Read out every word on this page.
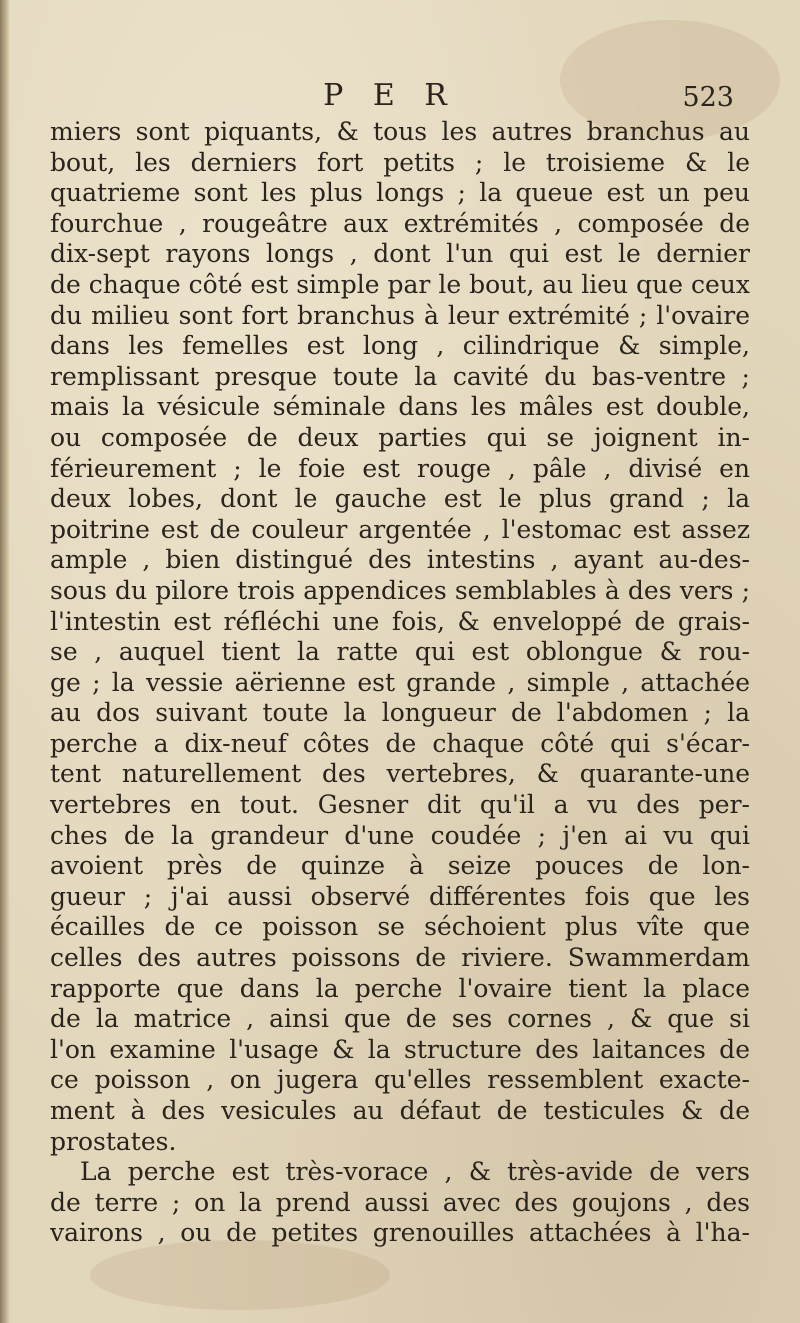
P E R	523
miers sont piquants, & tous les autres branchus au
bout, les derniers fort petits ; le troisieme & le
quatrieme sont les plus longs ; la queue est un peu
fourchue , rougeâtre aux extrémités , composée de
dix-sept rayons longs , dont l'un qui est le dernier
de chaque côté est simple par le bout, au lieu que ceux
du milieu sont fort branchus à leur extrémité ; l'ovaire
dans les femelles est long , cilindrique & simple,
remplissant presque toute la cavité du bas-ventre ;
mais la vésicule séminale dans les mâles est double,
ou composée de deux parties qui se joignent in-
férieurement ; le foie est rouge , pâle , divisé en
deux lobes, dont le gauche est le plus grand ; la
poitrine est de couleur argentée , l'estomac est assez
ample , bien distingué des intestins , ayant au-des-
sous du pilore trois appendices semblables à des vers ;
l'intestin est réfléchi une fois, & enveloppé de grais-
se , auquel tient la ratte qui est oblongue & rou-
ge ; la vessie aërienne est grande , simple , attachée
au dos suivant toute la longueur de l'abdomen ; la
perche a dix-neuf côtes de chaque côté qui s'écar-
tent naturellement des vertebres, & quarante-une
vertebres en tout. Gesner dit qu'il a vu des per-
ches de la grandeur d'une coudée ; j'en ai vu qui
avoient près de quinze à seize pouces de lon-
gueur ; j'ai aussi observé différentes fois que les
écailles de ce poisson se séchoient plus vîte que
celles des autres poissons de riviere. Swammerdam
rapporte que dans la perche l'ovaire tient la place
de la matrice , ainsi que de ses cornes , & que si
l'on examine l'usage & la structure des laitances de
ce poisson , on jugera qu'elles ressemblent exacte-
ment à des vesicules au défaut de testicules & de
prostates.
La perche est très-vorace , & très-avide de vers
de terre ; on la prend aussi avec des goujons , des
vairons , ou de petites grenouilles attachées à l'ha-
